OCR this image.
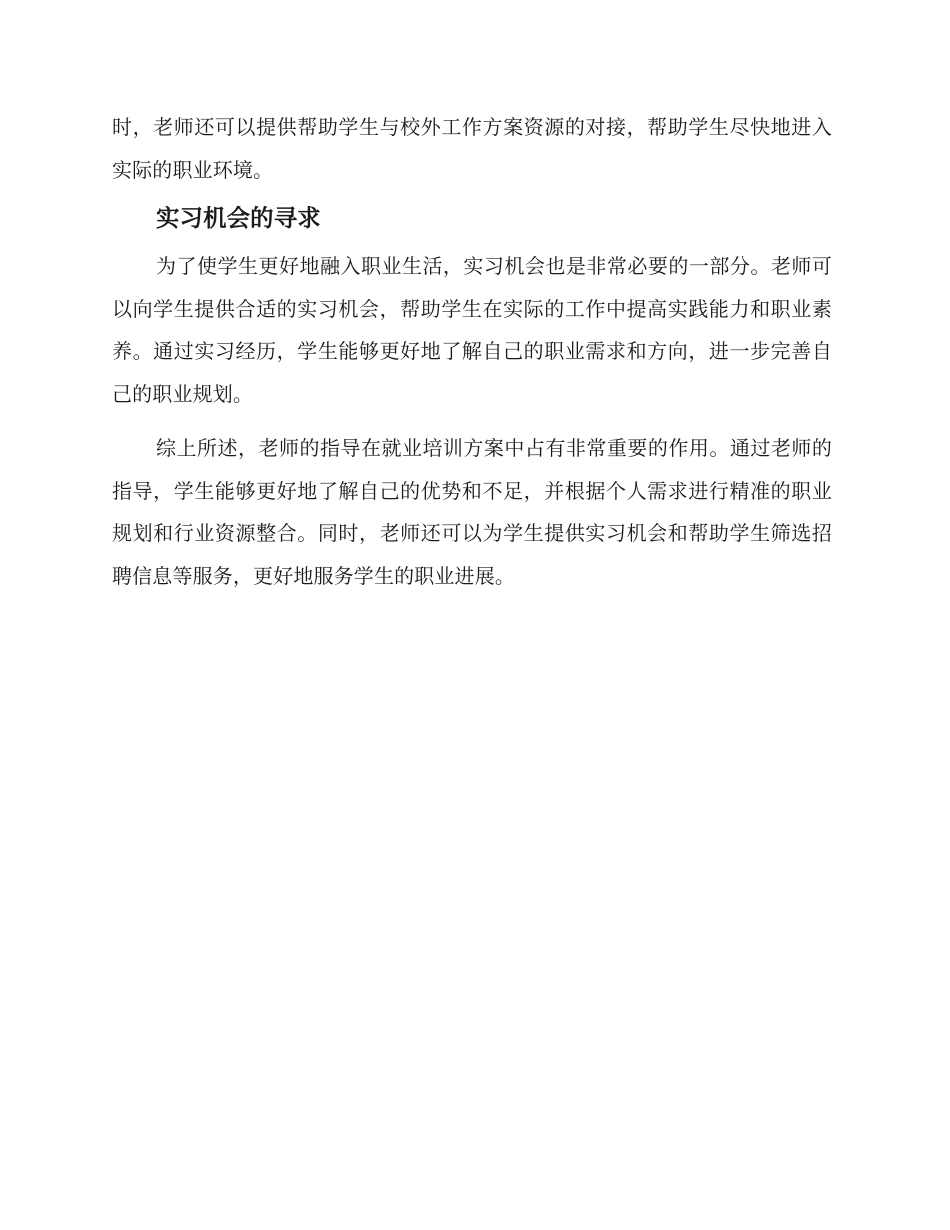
时，老师还可以提供帮助学生与校外工作方案资源的对接，帮助学生尽快地进入实际的职业环境。

实习机会的寻求

为了使学生更好地融入职业生活，实习机会也是非常必要的一部分。老师可以向学生提供合适的实习机会，帮助学生在实际的工作中提高实践能力和职业素养。通过实习经历，学生能够更好地了解自己的职业需求和方向，进一步完善自己的职业规划。

综上所述，老师的指导在就业培训方案中占有非常重要的作用。通过老师的指导，学生能够更好地了解自己的优势和不足，并根据个人需求进行精准的职业规划和行业资源整合。同时，老师还可以为学生提供实习机会和帮助学生筛选招聘信息等服务，更好地服务学生的职业进展。
